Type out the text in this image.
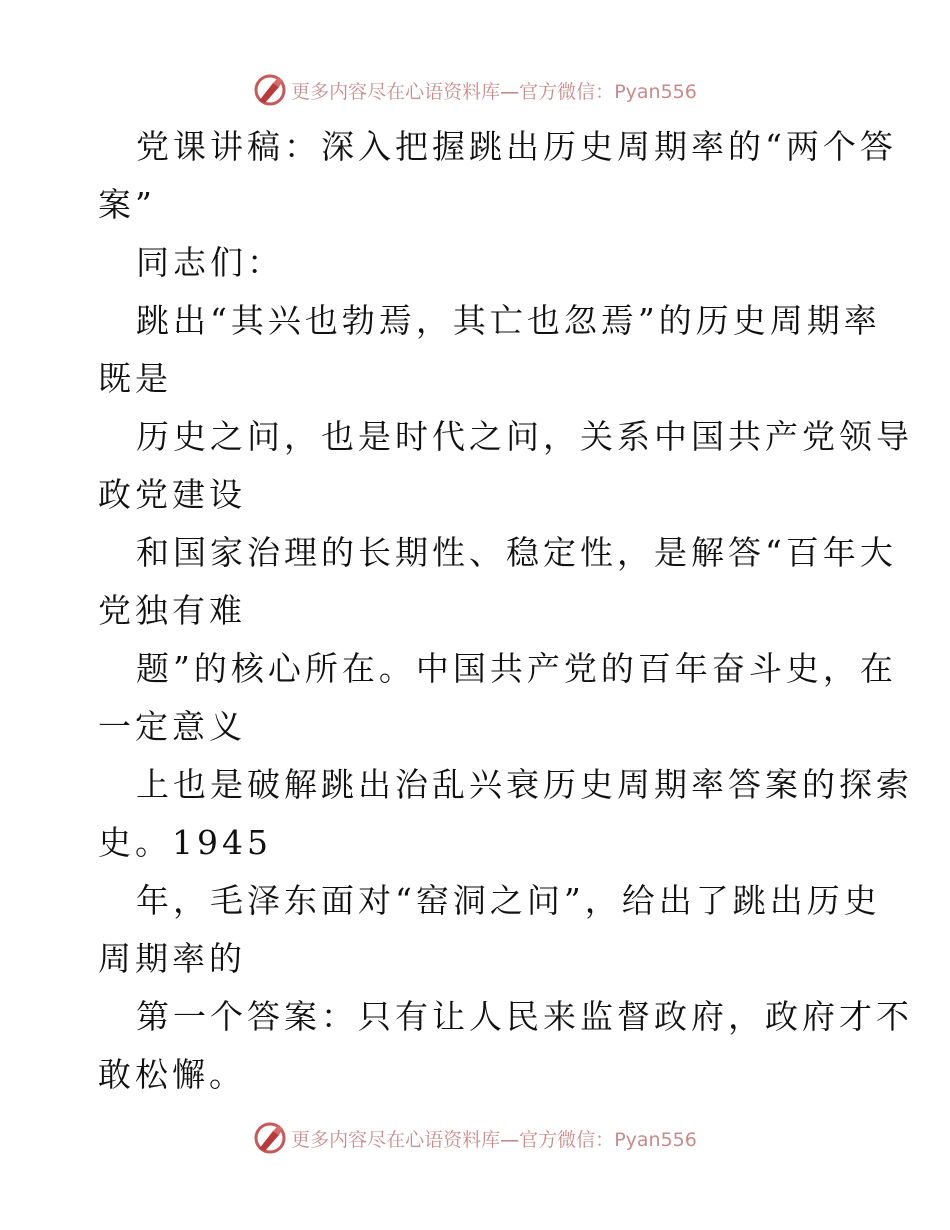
更多内容尽在心语资料库—官方微信：Pyan556

党课讲稿：深入把握跳出历史周期率的“两个答

案”

同志们：

跳出“其兴也勃焉，其亡也忽焉”的历史周期率

既是

历史之问，也是时代之问，关系中国共产党领导

政党建设

和国家治理的长期性、稳定性，是解答“百年大

党独有难

题”的核心所在。中国共产党的百年奋斗史，在

一定意义

上也是破解跳出治乱兴衰历史周期率答案的探索

史。1945

年，毛泽东面对“窑洞之问”，给出了跳出历史

周期率的

第一个答案：只有让人民来监督政府，政府才不

敢松懈。

更多内容尽在心语资料库—官方微信：Pyan556
